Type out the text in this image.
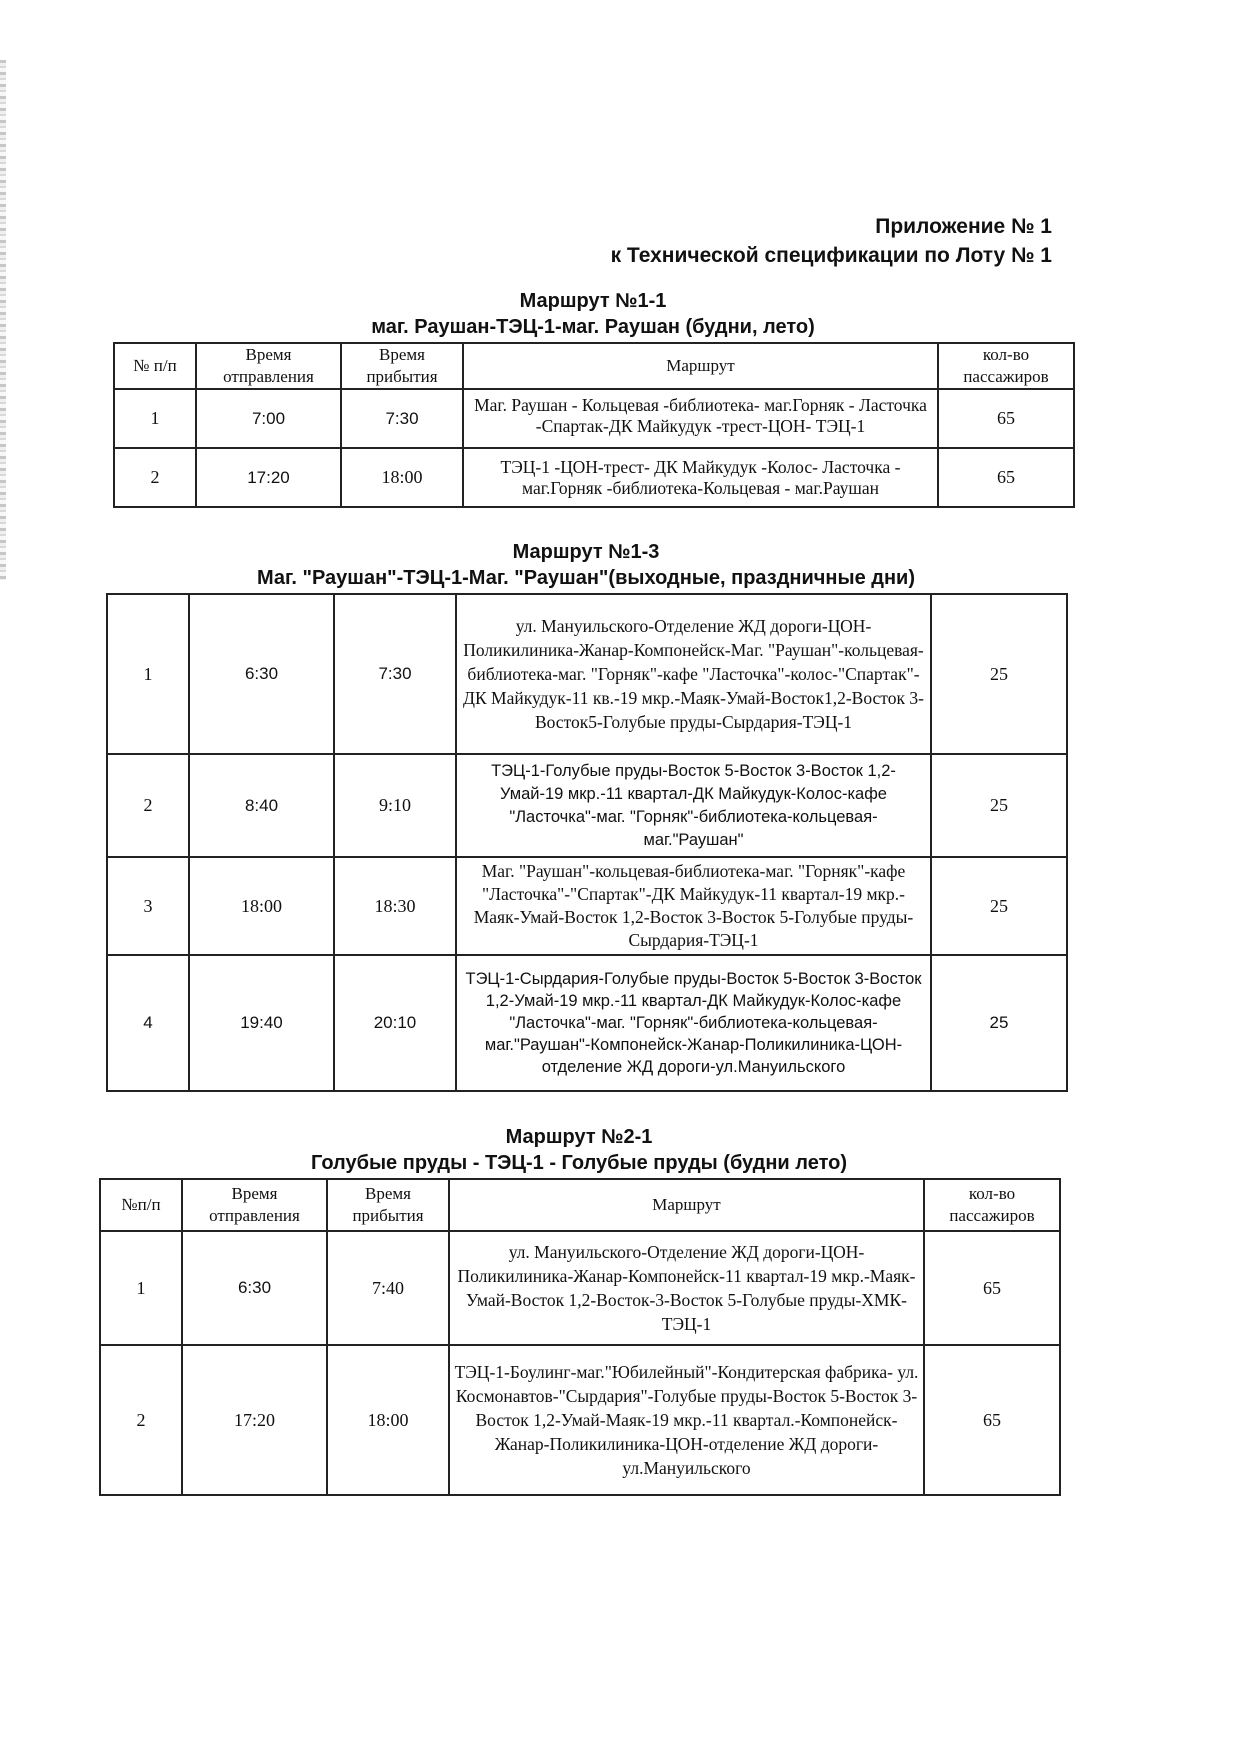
Приложение № 1
к Технической спецификации по Лоту № 1
Маршрут №1-1
маг. Раушан-ТЭЦ-1-маг. Раушан (будни, лето)
№ п/п	Время отправления	Время прибытия	Маршрут	кол-во пассажиров
1	7:00	7:30	Маг. Раушан - Кольцевая -библиотека- маг.Горняк - Ласточка -Спартак-ДК Майкудук -трест-ЦОН- ТЭЦ-1	65
2	17:20	18:00	ТЭЦ-1 -ЦОН-трест- ДК Майкудук -Колос- Ласточка - маг.Горняк -библиотека-Кольцевая - маг.Раушан	65
Маршрут №1-3
Маг. "Раушан"-ТЭЦ-1-Маг. "Раушан"(выходные, праздничные дни)
1	6:30	7:30	ул. Мануильского-Отделение ЖД дороги-ЦОН-Поликилиника-Жанар-Компонейск-Маг. "Раушан"-кольцевая-библиотека-маг. "Горняк"-кафе "Ласточка"-колос-"Спартак"-ДК Майкудук-11 кв.-19 мкр.-Маяк-Умай-Восток1,2-Восток 3-Восток5-Голубые пруды-Сырдария-ТЭЦ-1	25
2	8:40	9:10	ТЭЦ-1-Голубые пруды-Восток 5-Восток 3-Восток 1,2-Умай-19 мкр.-11 квартал-ДК Майкудук-Колос-кафе "Ласточка"-маг. "Горняк"-библиотека-кольцевая-маг."Раушан"	25
3	18:00	18:30	Маг. "Раушан"-кольцевая-библиотека-маг. "Горняк"-кафе "Ласточка"-"Спартак"-ДК Майкудук-11 квартал-19 мкр.-Маяк-Умай-Восток 1,2-Восток 3-Восток 5-Голубые пруды-Сырдария-ТЭЦ-1	25
4	19:40	20:10	ТЭЦ-1-Сырдария-Голубые пруды-Восток 5-Восток 3-Восток 1,2-Умай-19 мкр.-11 квартал-ДК Майкудук-Колос-кафе "Ласточка"-маг. "Горняк"-библиотека-кольцевая-маг."Раушан"-Компонейск-Жанар-Поликилиника-ЦОН-отделение ЖД дороги-ул.Мануильского	25
Маршрут №2-1
Голубые пруды - ТЭЦ-1 - Голубые пруды (будни лето)
№п/п	Время отправления	Время прибытия	Маршрут	кол-во пассажиров
1	6:30	7:40	ул. Мануильского-Отделение ЖД дороги-ЦОН-Поликилиника-Жанар-Компонейск-11 квартал-19 мкр.-Маяк-Умай-Восток 1,2-Восток-3-Восток 5-Голубые пруды-ХМК-ТЭЦ-1	65
2	17:20	18:00	ТЭЦ-1-Боулинг-маг."Юбилейный"-Кондитерская фабрика- ул. Космонавтов-"Сырдария"-Голубые пруды-Восток 5-Восток 3-Восток 1,2-Умай-Маяк-19 мкр.-11 квартал.-Компонейск-Жанар-Поликилиника-ЦОН-отделение ЖД дороги-ул.Мануильского	65
